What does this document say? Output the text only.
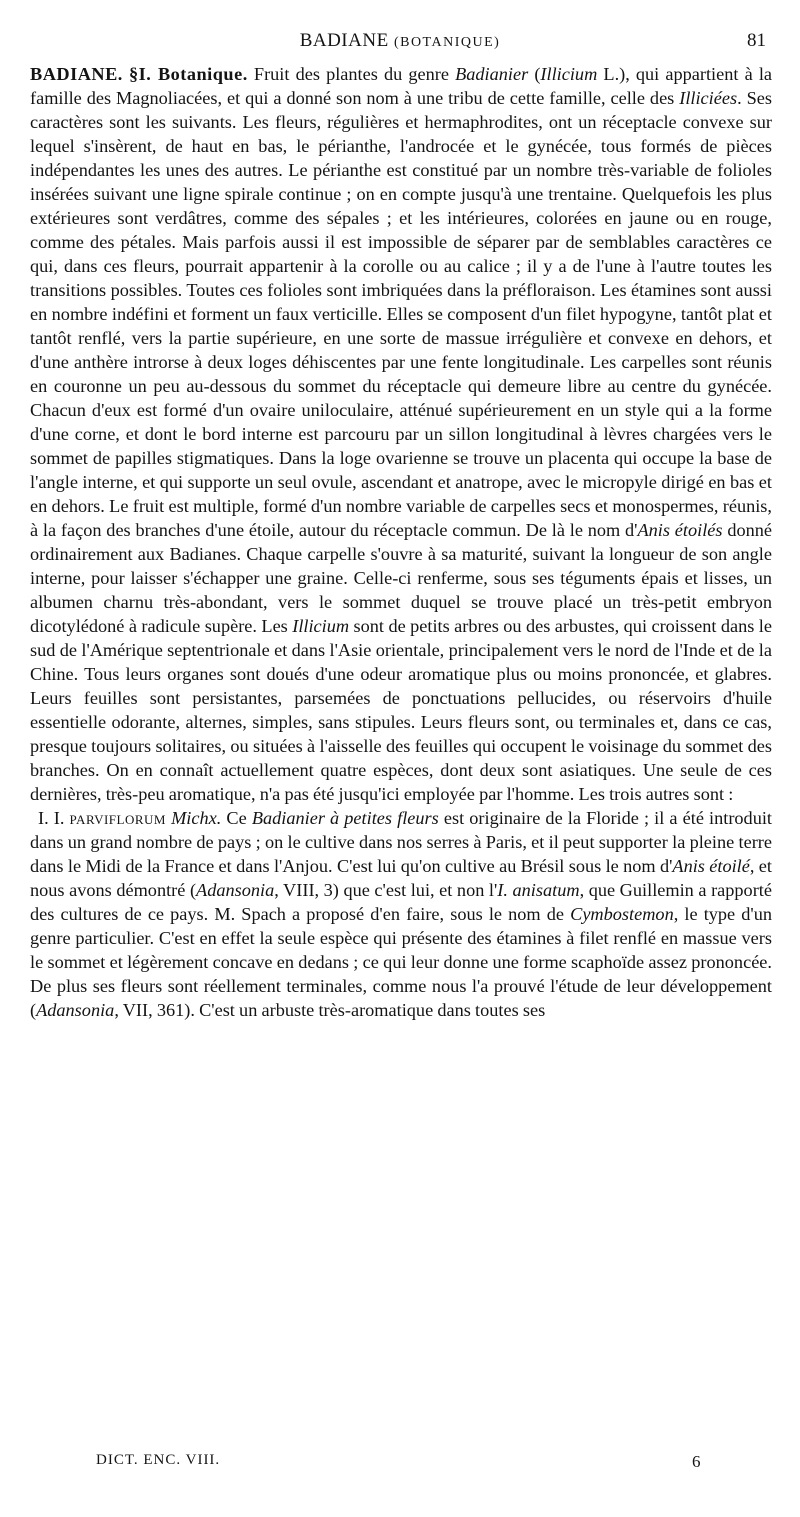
BADIANE (BOTANIQUE)	81

BADIANE. §I. Botanique. Fruit des plantes du genre Badianier (Illicium L.), qui appartient à la famille des Magnoliacées, et qui a donné son nom à une tribu de cette famille, celle des Illiciées. Ses caractères sont les suivants. Les fleurs, régulières et hermaphrodites, ont un réceptacle convexe sur lequel s'insèrent, de haut en bas, le périanthe, l'androcée et le gynécée, tous formés de pièces indépendantes les unes des autres. Le périanthe est constitué par un nombre très-variable de folioles insérées suivant une ligne spirale continue ; on en compte jusqu'à une trentaine. Quelquefois les plus extérieures sont verdâtres, comme des sépales ; et les intérieures, colorées en jaune ou en rouge, comme des pétales. Mais parfois aussi il est impossible de séparer par de semblables caractères ce qui, dans ces fleurs, pourrait appartenir à la corolle ou au calice ; il y a de l'une à l'autre toutes les transitions possibles. Toutes ces folioles sont imbriquées dans la préfloraison. Les étamines sont aussi en nombre indéfini et forment un faux verticille. Elles se composent d'un filet hypogyne, tantôt plat et tantôt renflé, vers la partie supérieure, en une sorte de massue irrégulière et convexe en dehors, et d'une anthère introrse à deux loges déhiscentes par une fente longitudinale. Les carpelles sont réunis en couronne un peu au-dessous du sommet du réceptacle qui demeure libre au centre du gynécée. Chacun d'eux est formé d'un ovaire uniloculaire, atténué supérieurement en un style qui a la forme d'une corne, et dont le bord interne est parcouru par un sillon longitudinal à lèvres chargées vers le sommet de papilles stigmatiques. Dans la loge ovarienne se trouve un placenta qui occupe la base de l'angle interne, et qui supporte un seul ovule, ascendant et anatrope, avec le micropyle dirigé en bas et en dehors. Le fruit est multiple, formé d'un nombre variable de carpelles secs et monospermes, réunis, à la façon des branches d'une étoile, autour du réceptacle commun. De là le nom d'Anis étoilés donné ordinairement aux Badianes. Chaque carpelle s'ouvre à sa maturité, suivant la longueur de son angle interne, pour laisser s'échapper une graine. Celle-ci renferme, sous ses téguments épais et lisses, un albumen charnu très-abondant, vers le sommet duquel se trouve placé un très-petit embryon dicotylédoné à radicule supère. Les Illicium sont de petits arbres ou des arbustes, qui croissent dans le sud de l'Amérique septentrionale et dans l'Asie orientale, principalement vers le nord de l'Inde et de la Chine. Tous leurs organes sont doués d'une odeur aromatique plus ou moins prononcée, et glabres. Leurs feuilles sont persistantes, parsemées de ponctuations pellucides, ou réservoirs d'huile essentielle odorante, alternes, simples, sans stipules. Leurs fleurs sont, ou terminales et, dans ce cas, presque toujours solitaires, ou situées à l'aisselle des feuilles qui occupent le voisinage du sommet des branches. On en connaît actuellement quatre espèces, dont deux sont asiatiques. Une seule de ces dernières, très-peu aromatique, n'a pas été jusqu'ici employée par l'homme. Les trois autres sont :

I. I. parviflorum Michx. Ce Badianier à petites fleurs est originaire de la Floride ; il a été introduit dans un grand nombre de pays ; on le cultive dans nos serres à Paris, et il peut supporter la pleine terre dans le Midi de la France et dans l'Anjou. C'est lui qu'on cultive au Brésil sous le nom d'Anis étoilé, et nous avons démontré (Adansonia, VIII, 3) que c'est lui, et non l'I. anisatum, que Guillemin a rapporté des cultures de ce pays. M. Spach a proposé d'en faire, sous le nom de Cymbostemon, le type d'un genre particulier. C'est en effet la seule espèce qui présente des étamines à filet renflé en massue vers le sommet et légèrement concave en dedans ; ce qui leur donne une forme scaphoïde assez prononcée. De plus ses fleurs sont réellement terminales, comme nous l'a prouvé l'étude de leur développement (Adansonia, VII, 361). C'est un arbuste très-aromatique dans toutes ses

DICT. ENC. VIII.	6
